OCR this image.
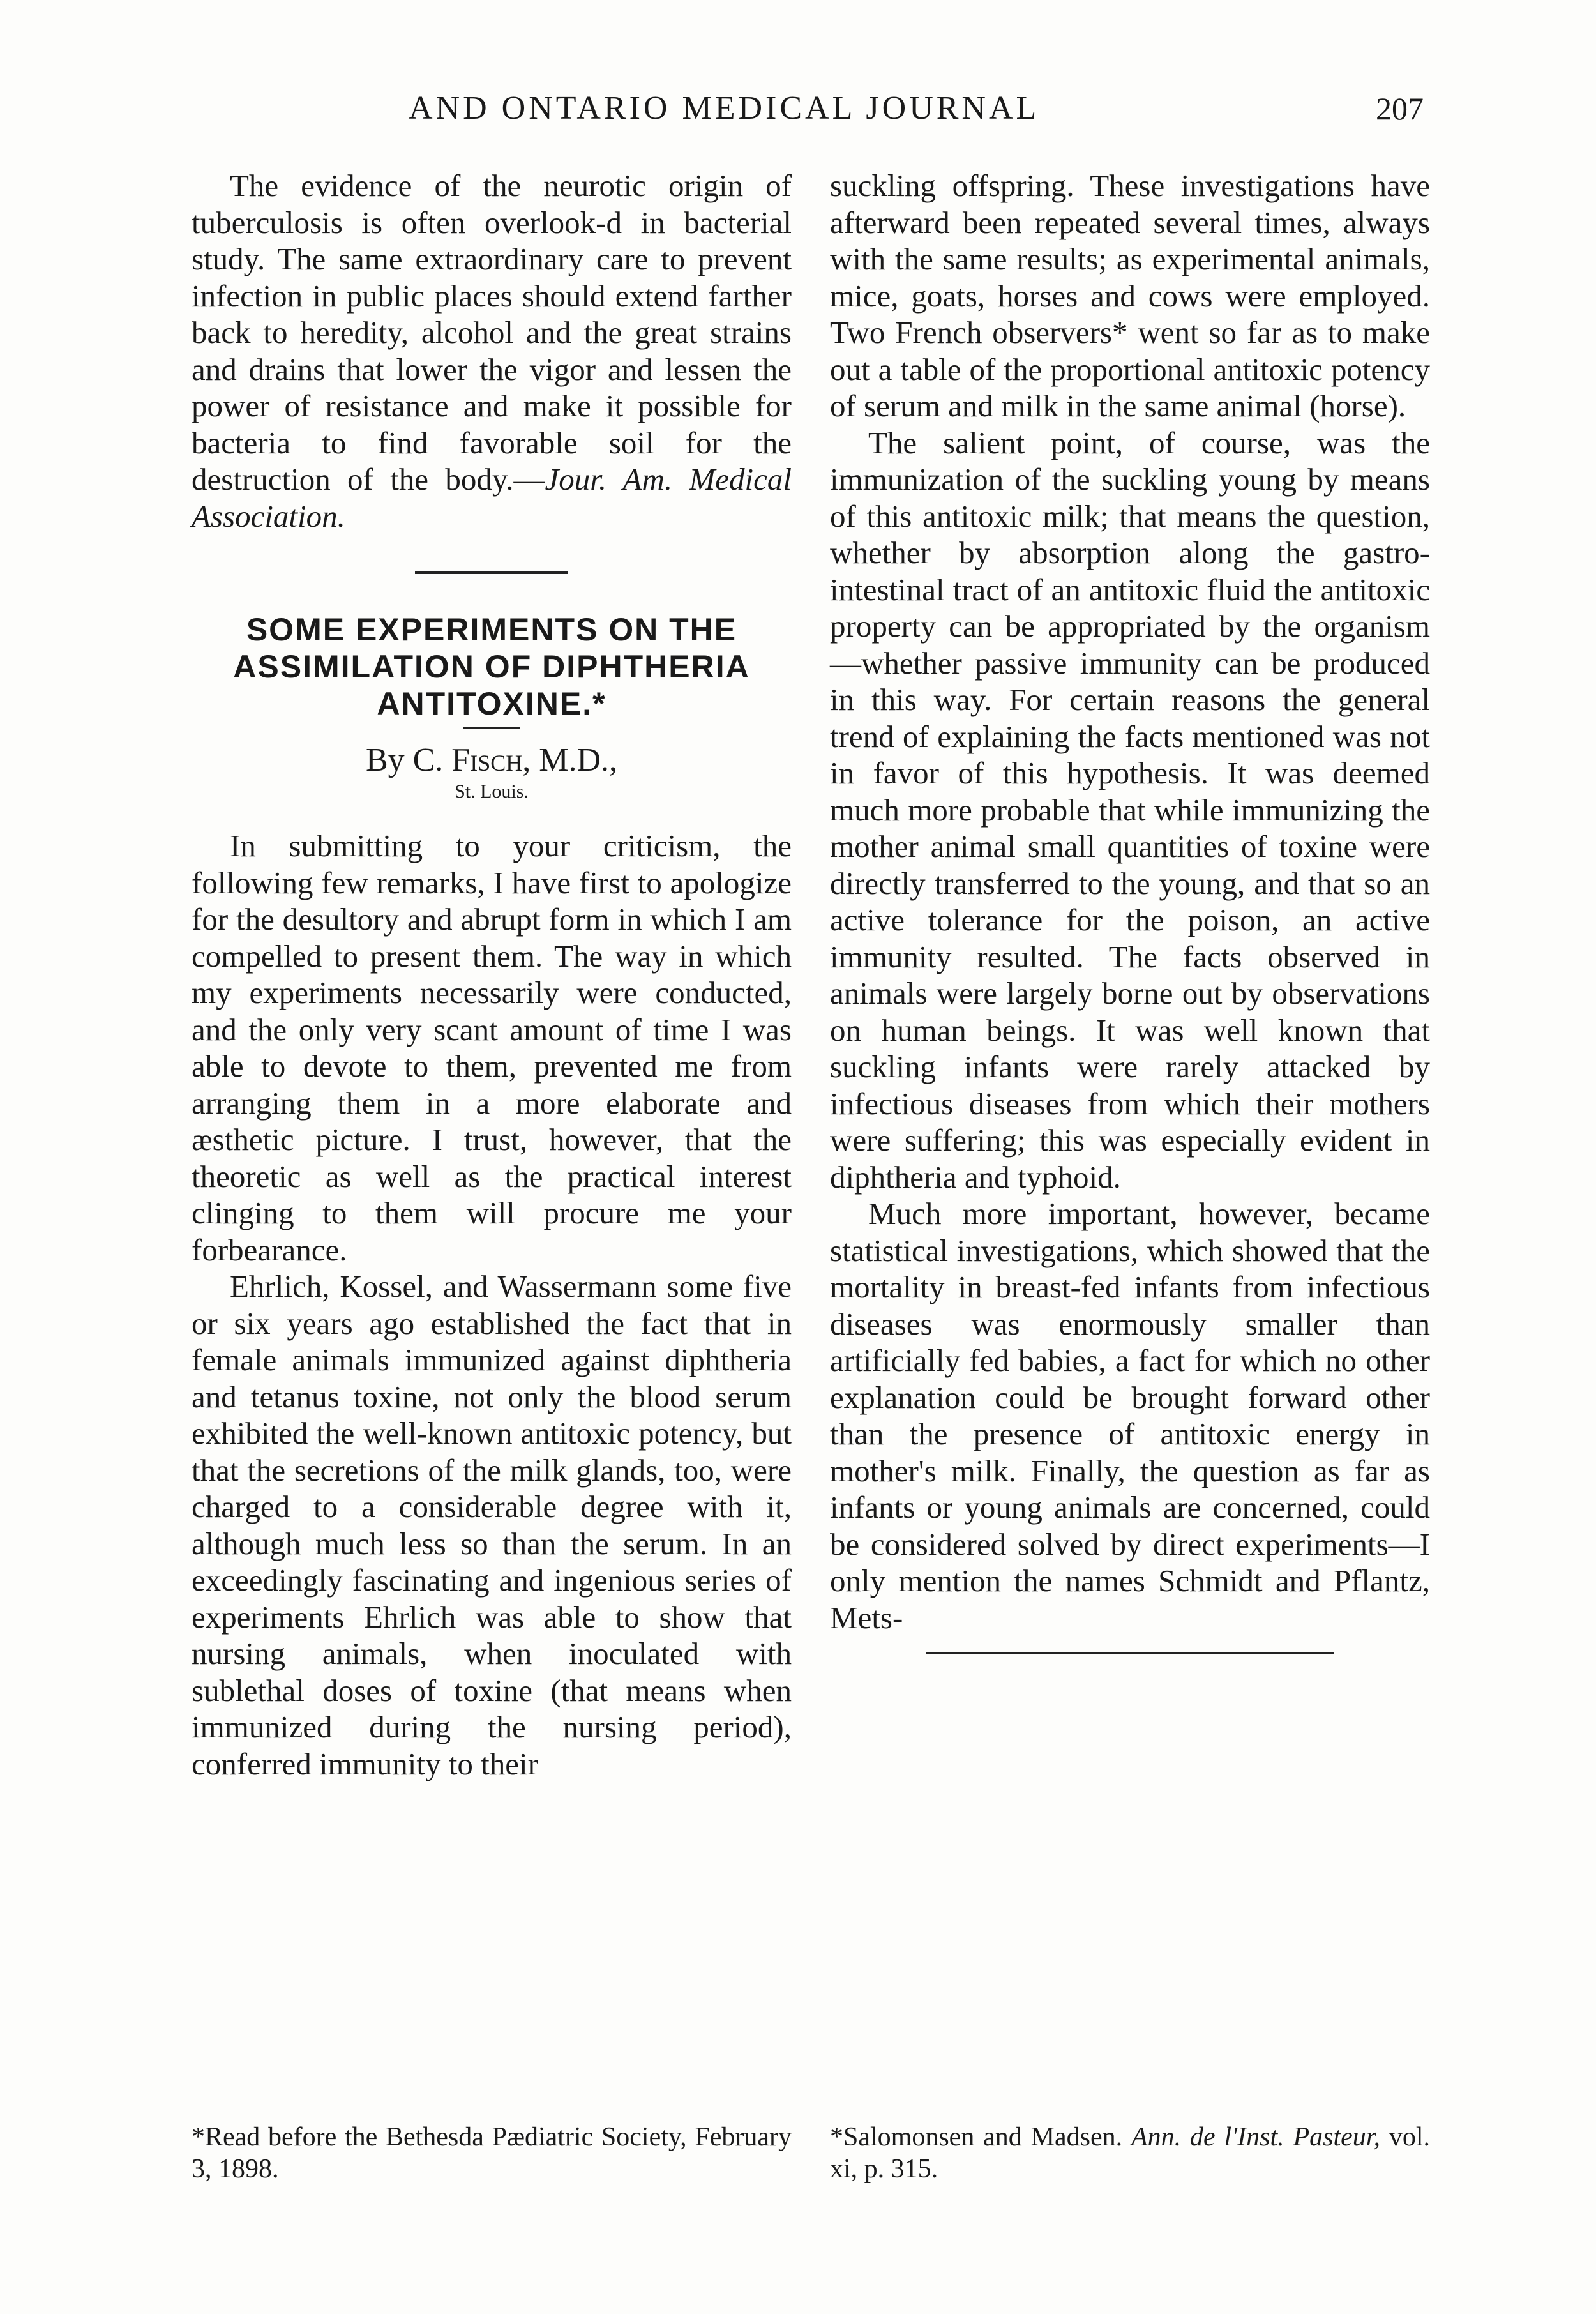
AND ONTARIO MEDICAL JOURNAL	207

The evidence of the neurotic origin of tuberculosis is often overlook-d in bacterial study. The same extraordinary care to prevent infection in public places should extend farther back to heredity, alcohol and the great strains and drains that lower the vigor and lessen the power of resistance and make it possible for bacteria to find favorable soil for the destruction of the body.—Jour. Am. Medical Association.

SOME EXPERIMENTS ON THE ASSIMILATION OF DIPHTHERIA ANTITOXINE.*
By C. Fisch, M.D.,
St. Louis.

In submitting to your criticism, the following few remarks, I have first to apologize for the desultory and abrupt form in which I am compelled to present them. The way in which my experiments necessarily were conducted, and the only very scant amount of time I was able to devote to them, prevented me from arranging them in a more elaborate and æsthetic picture. I trust, however, that the theoretic as well as the practical interest clinging to them will procure me your forbearance.

Ehrlich, Kossel, and Wassermann some five or six years ago established the fact that in female animals immunized against diphtheria and tetanus toxine, not only the blood serum exhibited the well-known antitoxic potency, but that the secretions of the milk glands, too, were charged to a considerable degree with it, although much less so than the serum. In an exceedingly fascinating and ingenious series of experiments Ehrlich was able to show that nursing animals, when inoculated with sublethal doses of toxine (that means when immunized during the nursing period), conferred immunity to their

suckling offspring. These investigations have afterward been repeated several times, always with the same results; as experimental animals, mice, goats, horses and cows were employed. Two French observers* went so far as to make out a table of the proportional antitoxic potency of serum and milk in the same animal (horse).

The salient point, of course, was the immunization of the suckling young by means of this antitoxic milk; that means the question, whether by absorption along the gastro-intestinal tract of an antitoxic fluid the antitoxic property can be appropriated by the organism—whether passive immunity can be produced in this way. For certain reasons the general trend of explaining the facts mentioned was not in favor of this hypothesis. It was deemed much more probable that while immunizing the mother animal small quantities of toxine were directly transferred to the young, and that so an active tolerance for the poison, an active immunity resulted. The facts observed in animals were largely borne out by observations on human beings. It was well known that suckling infants were rarely attacked by infectious diseases from which their mothers were suffering; this was especially evident in diphtheria and typhoid.

Much more important, however, became statistical investigations, which showed that the mortality in breast-fed infants from infectious diseases was enormously smaller than artificially fed babies, a fact for which no other explanation could be brought forward other than the presence of antitoxic energy in mother's milk. Finally, the question as far as infants or young animals are concerned, could be considered solved by direct experiments—I only mention the names Schmidt and Pflantz, Mets-

*Read before the Bethesda Pædiatric Society, February 3, 1898.
*Salomonsen and Madsen. Ann. de l'Inst. Pasteur, vol. xi, p. 315.
